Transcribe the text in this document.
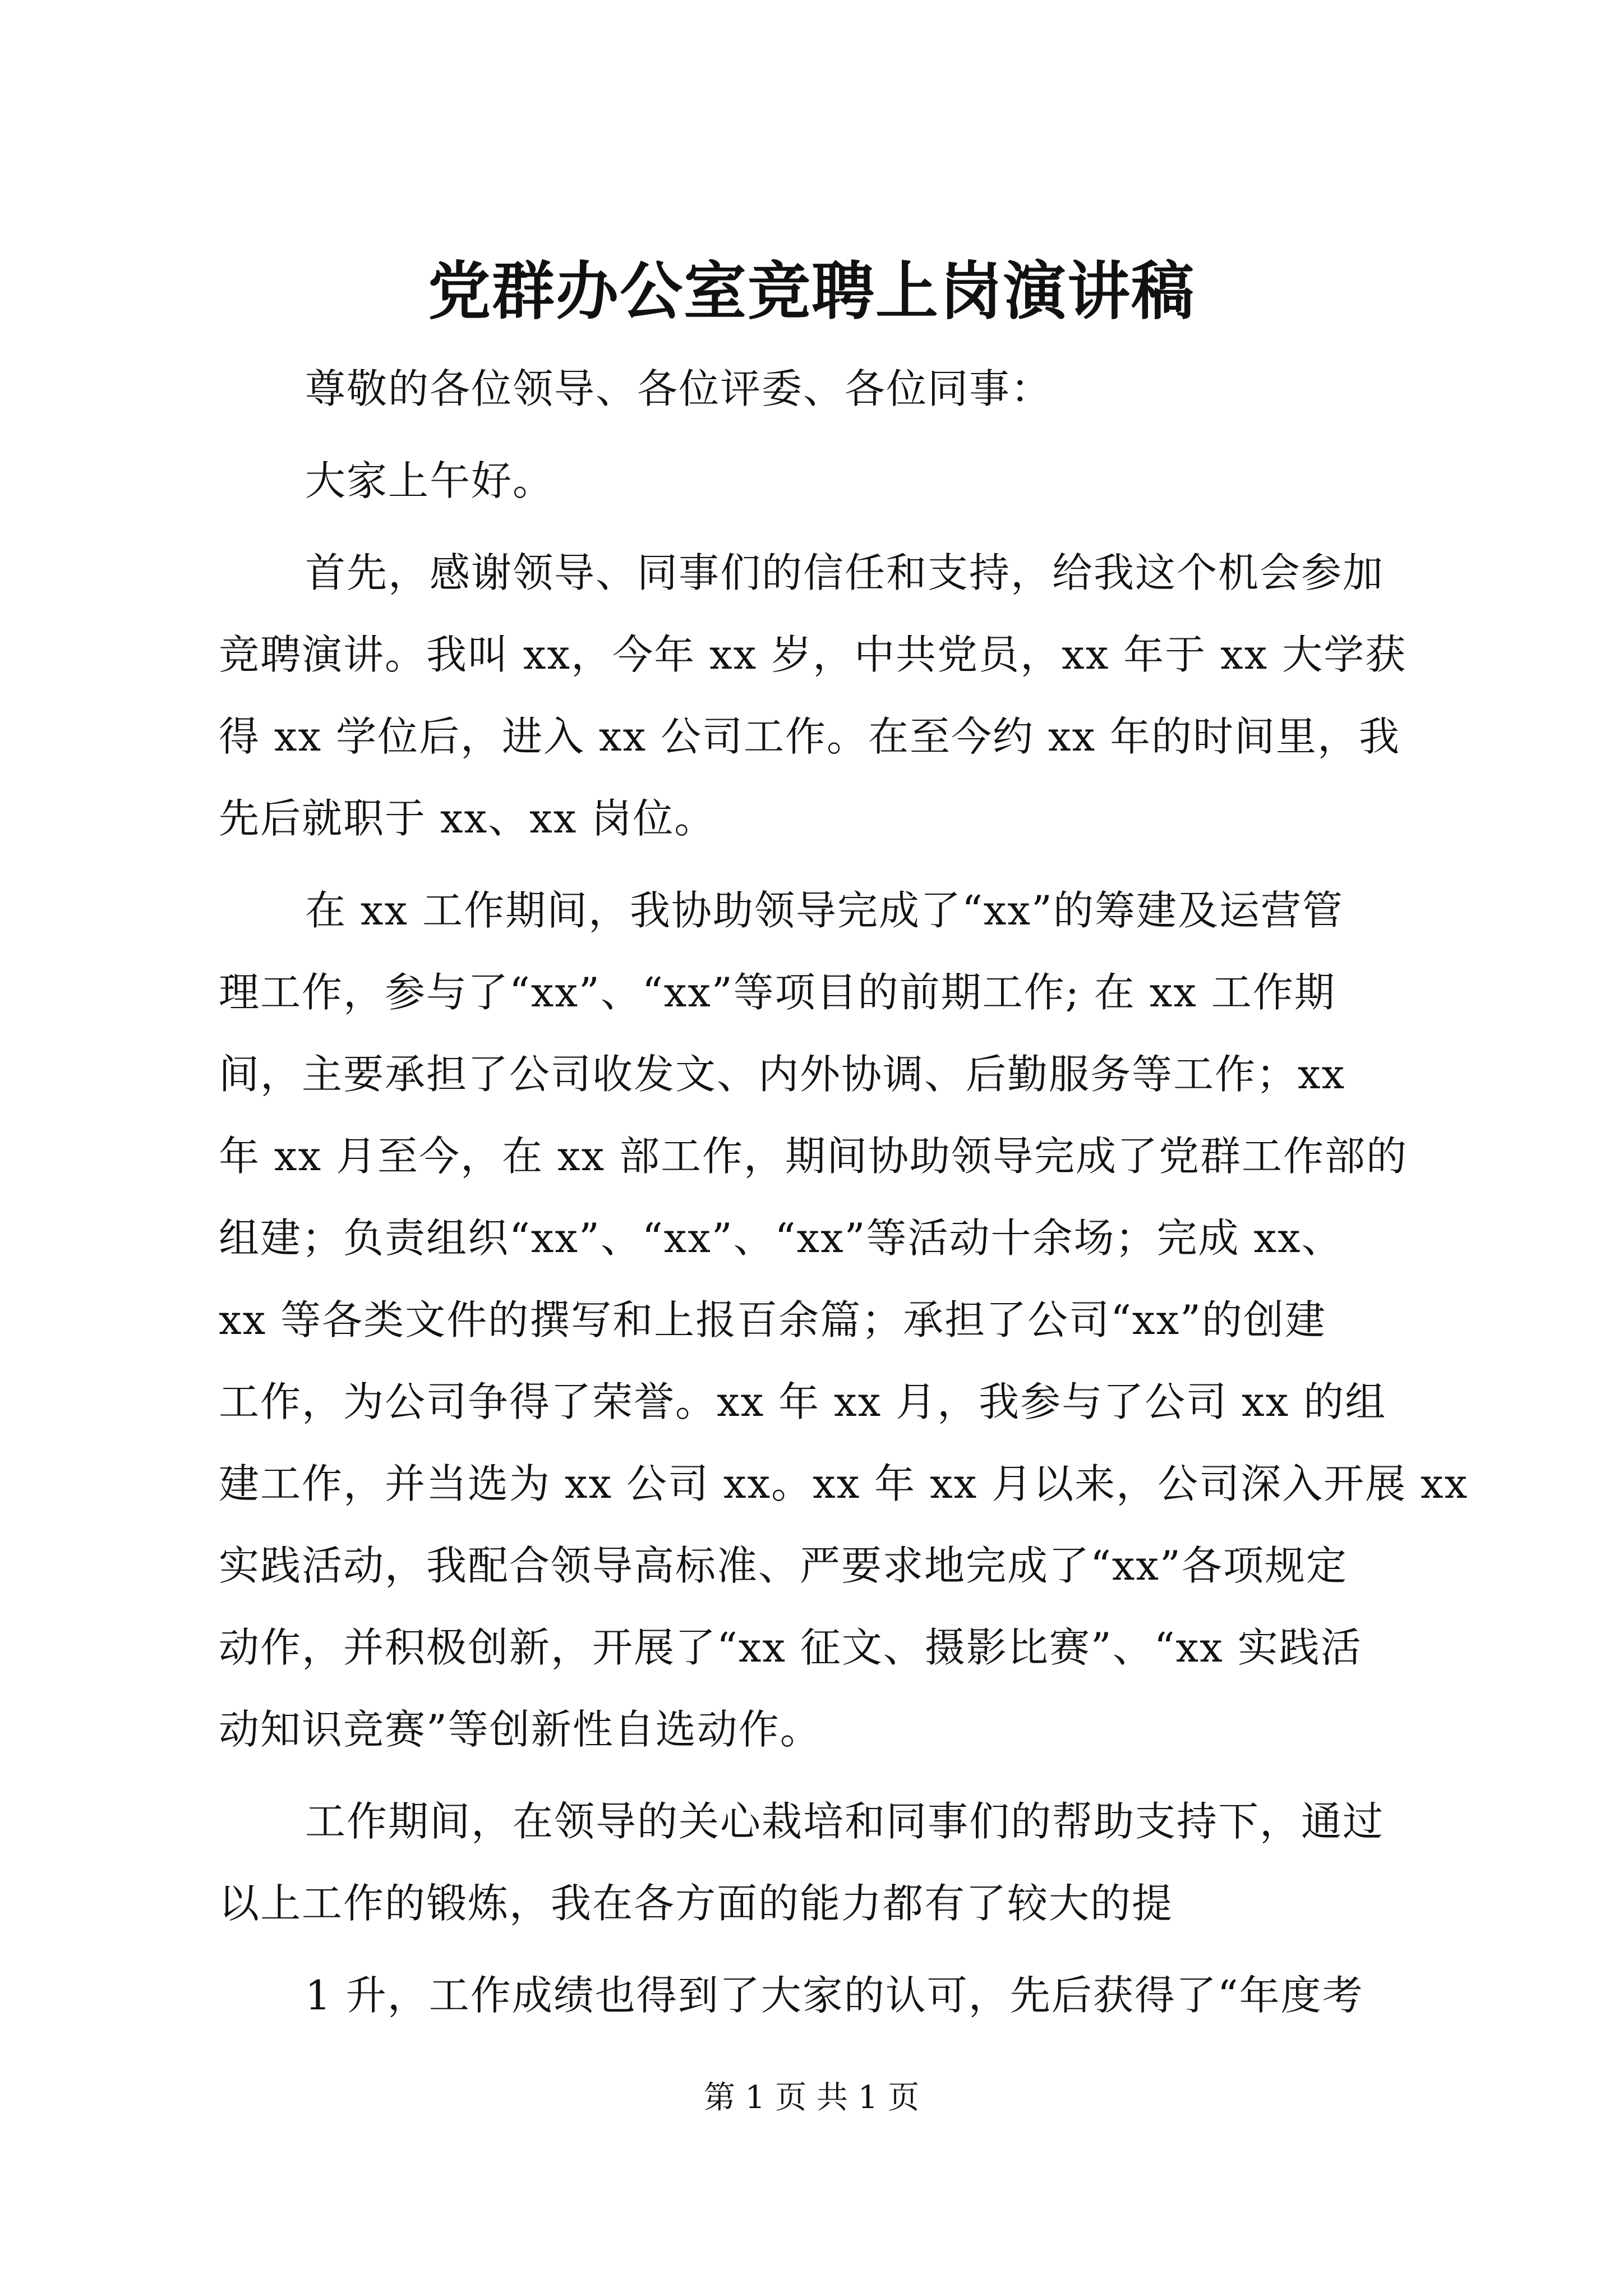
党群办公室竞聘上岗演讲稿
尊敬的各位领导、各位评委、各位同事：
大家上午好。
首先，感谢领导、同事们的信任和支持，给我这个机会参加
竞聘演讲。我叫 xx，今年 xx 岁，中共党员，xx 年于 xx 大学获
得 xx 学位后，进入 xx 公司工作。在至今约 xx 年的时间里，我
先后就职于 xx、xx 岗位。
在 xx 工作期间，我协助领导完成了“xx”的筹建及运营管
理工作，参与了“xx”、“xx”等项目的前期工作; 在 xx 工作期
间，主要承担了公司收发文、内外协调、后勤服务等工作；xx
年 xx 月至今，在 xx 部工作，期间协助领导完成了党群工作部的
组建；负责组织“xx”、“xx”、“xx”等活动十余场；完成 xx、
xx 等各类文件的撰写和上报百余篇；承担了公司“xx”的创建
工作，为公司争得了荣誉。xx 年 xx 月，我参与了公司 xx 的组
建工作，并当选为 xx 公司 xx。xx 年 xx 月以来，公司深入开展 xx
实践活动，我配合领导高标准、严要求地完成了“xx”各项规定
动作，并积极创新，开展了“xx 征文、摄影比赛”、“xx 实践活
动知识竞赛”等创新性自选动作。
工作期间，在领导的关心栽培和同事们的帮助支持下，通过
以上工作的锻炼，我在各方面的能力都有了较大的提
1 升，工作成绩也得到了大家的认可，先后获得了“年度考
第 1 页 共 1 页
